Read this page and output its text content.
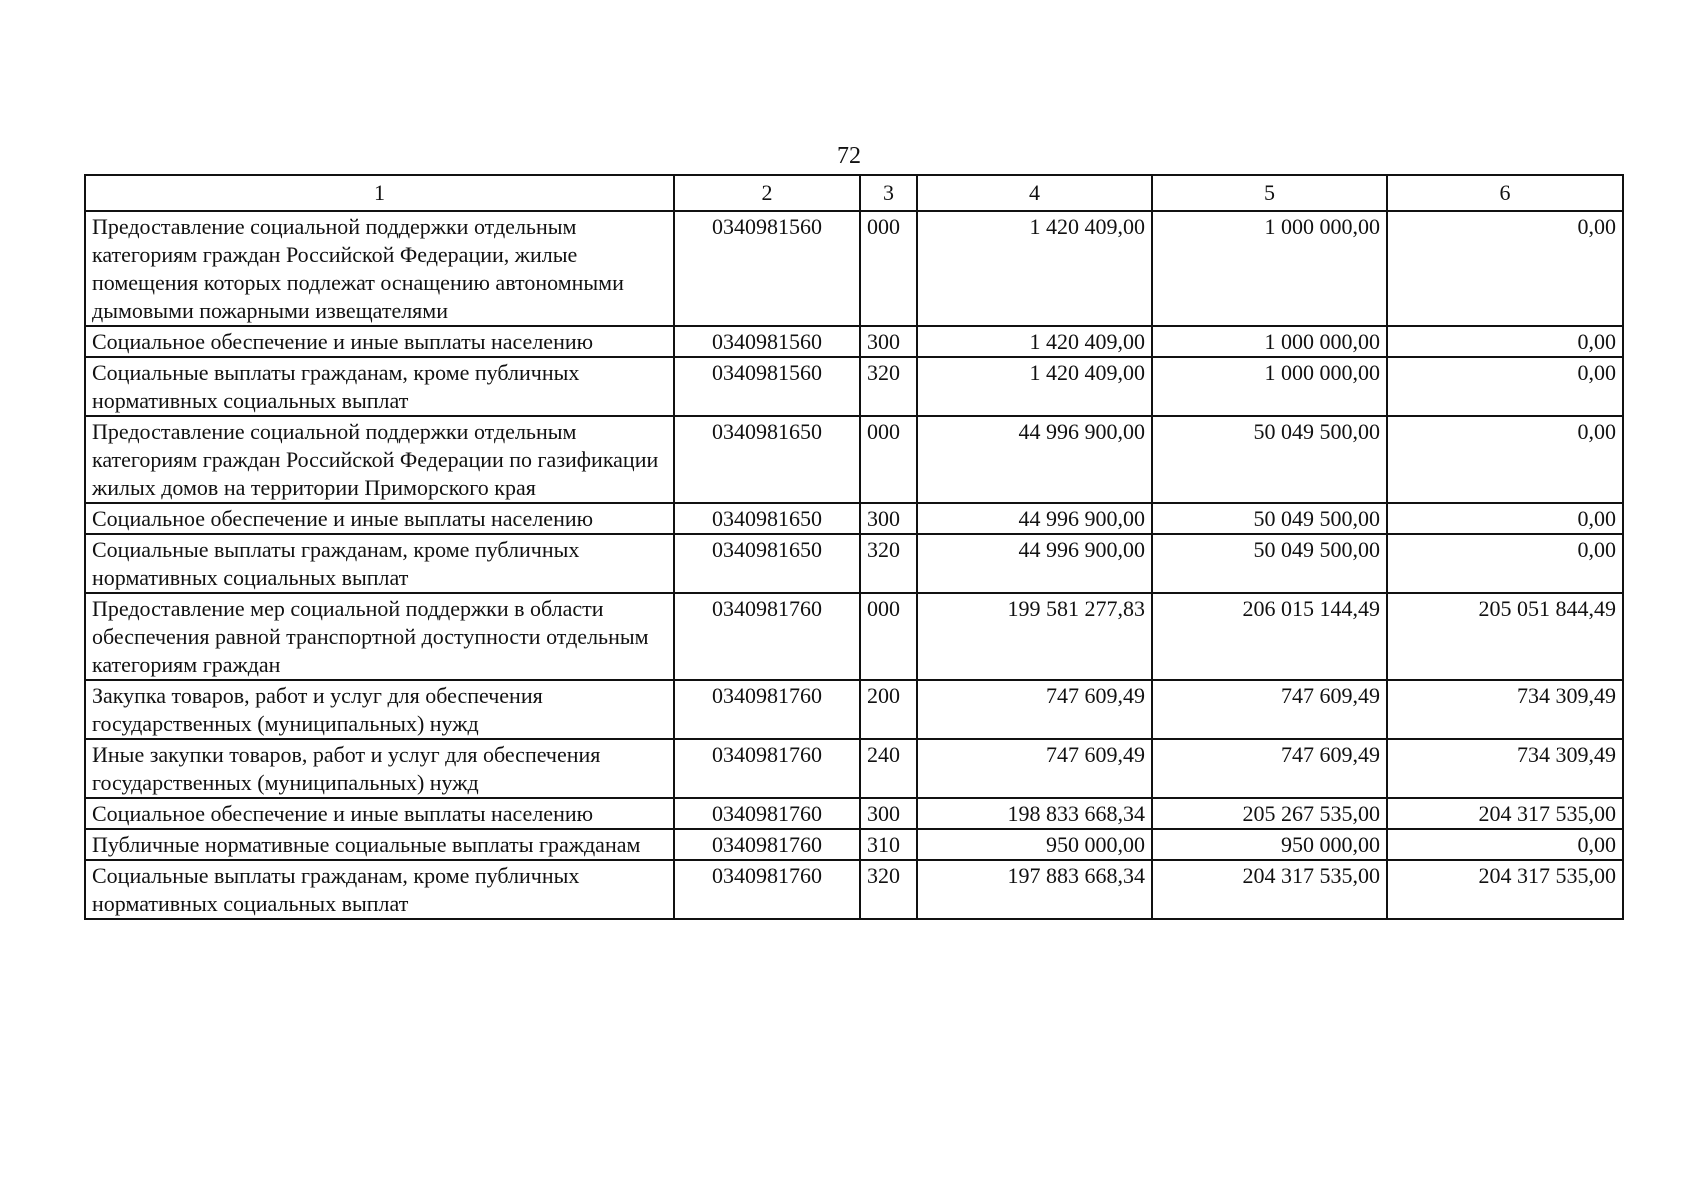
72
1	2	3	4	5	6
Предоставление социальной поддержки отдельным категориям граждан Российской Федерации, жилые помещения которых подлежат оснащению автономными дымовыми пожарными извещателями	0340981560	000	1 420 409,00	1 000 000,00	0,00
Социальное обеспечение и иные выплаты населению	0340981560	300	1 420 409,00	1 000 000,00	0,00
Социальные выплаты гражданам, кроме публичных нормативных социальных выплат	0340981560	320	1 420 409,00	1 000 000,00	0,00
Предоставление социальной поддержки отдельным категориям граждан Российской Федерации по газификации жилых домов на территории Приморского края	0340981650	000	44 996 900,00	50 049 500,00	0,00
Социальное обеспечение и иные выплаты населению	0340981650	300	44 996 900,00	50 049 500,00	0,00
Социальные выплаты гражданам, кроме публичных нормативных социальных выплат	0340981650	320	44 996 900,00	50 049 500,00	0,00
Предоставление мер социальной поддержки в области обеспечения равной транспортной доступности отдельным категориям граждан	0340981760	000	199 581 277,83	206 015 144,49	205 051 844,49
Закупка товаров, работ и услуг для обеспечения государственных (муниципальных) нужд	0340981760	200	747 609,49	747 609,49	734 309,49
Иные закупки товаров, работ и услуг для обеспечения государственных (муниципальных) нужд	0340981760	240	747 609,49	747 609,49	734 309,49
Социальное обеспечение и иные выплаты населению	0340981760	300	198 833 668,34	205 267 535,00	204 317 535,00
Публичные нормативные социальные выплаты гражданам	0340981760	310	950 000,00	950 000,00	0,00
Социальные выплаты гражданам, кроме публичных нормативных социальных выплат	0340981760	320	197 883 668,34	204 317 535,00	204 317 535,00
